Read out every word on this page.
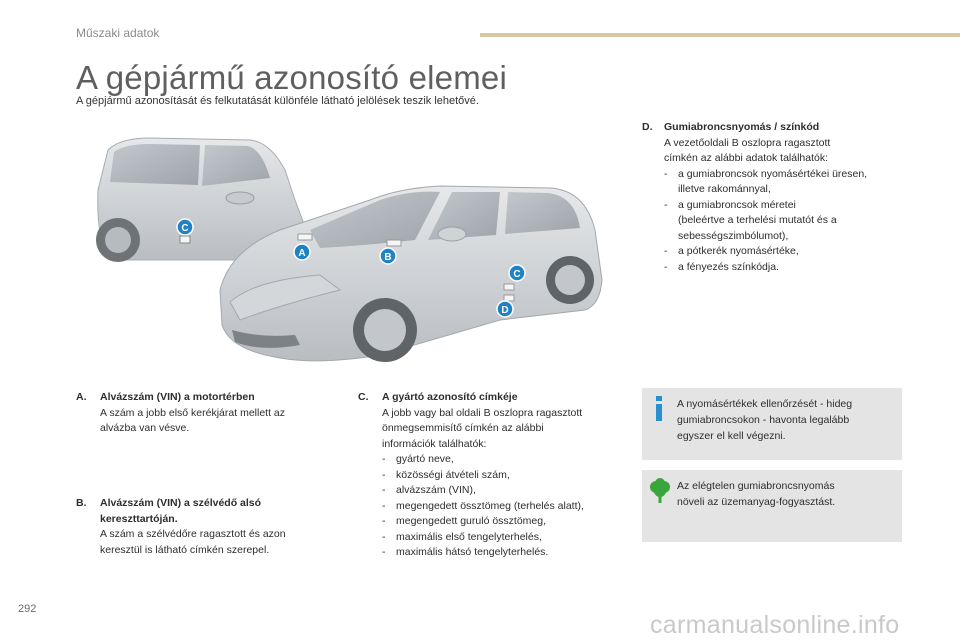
Műszaki adatok
A gépjármű azonosító elemei
A gépjármű azonosítását és felkutatását különféle látható jelölések teszik lehetővé.
C
A	B
C
D
D.	Gumiabroncsnyomás / színkód
A vezetőoldali B oszlopra ragasztott
címkén az alábbi adatok találhatók:
-	a gumiabroncsok nyomásértékei üresen,
illetve rakománnyal,
-	a gumiabroncsok méretei
(beleértve a terhelési mutatót és a
sebességszimbólumot),
-	a pótkerék nyomásértéke,
-	a fényezés színkódja.
A.	Alvázszám (VIN) a motortérben
A szám a jobb első kerékjárat mellett az
alvázba van vésve.
B.	Alvázszám (VIN) a szélvédő alsó
kereszttartóján.
A szám a szélvédőre ragasztott és azon
keresztül is látható címkén szerepel.
C.	A gyártó azonosító címkéje
A jobb vagy bal oldali B oszlopra ragasztott
önmegsemmisítő címkén az alábbi
információk találhatók:
-	gyártó neve,
-	közösségi átvételi szám,
-	alvázszám (VIN),
-	megengedett össztömeg (terhelés alatt),
-	megengedett guruló össztömeg,
-	maximális első tengelyterhelés,
-	maximális hátsó tengelyterhelés.
A nyomásértékek ellenőrzését - hideg
gumiabroncsokon - havonta legalább
egyszer el kell végezni.
Az elégtelen gumiabroncsnyomás
növeli az üzemanyag-fogyasztást.
292
carmanualsonline.info
